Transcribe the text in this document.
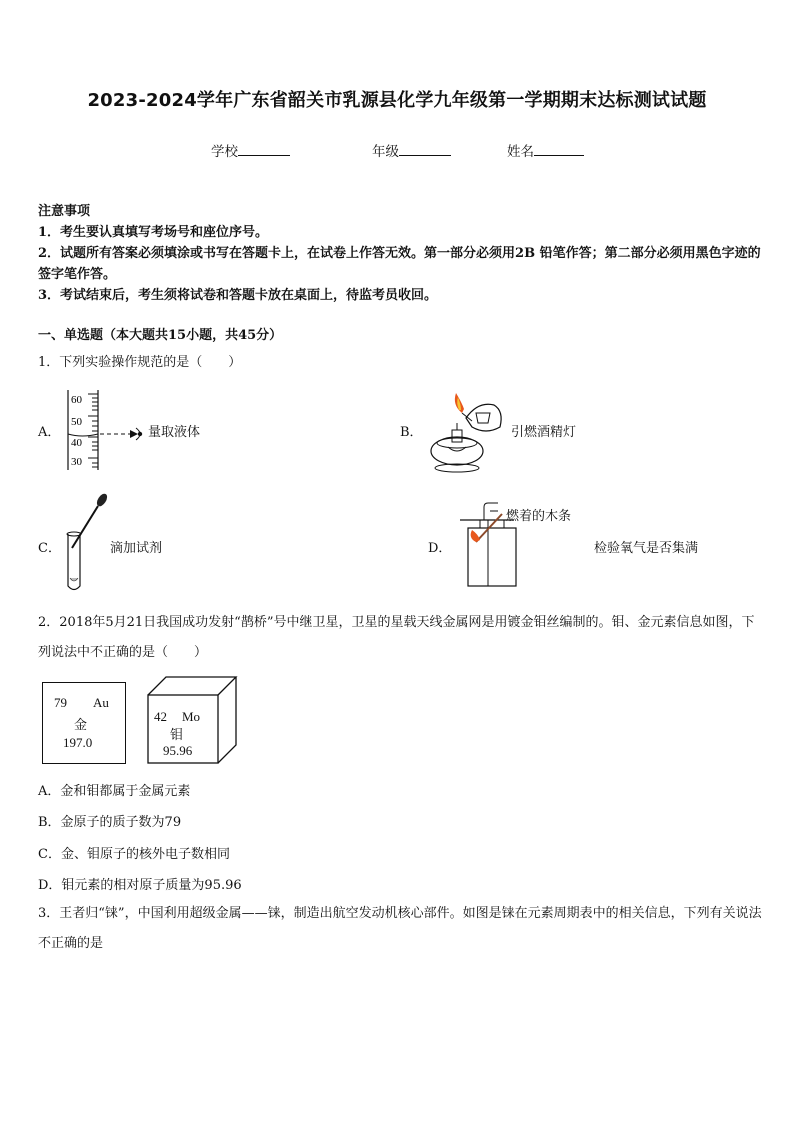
2023-2024学年广东省韶关市乳源县化学九年级第一学期期末达标测试试题
学校	年级	姓名
注意事项
1．考生要认真填写考场号和座位序号。
2．试题所有答案必须填涂或书写在答题卡上，在试卷上作答无效。第一部分必须用2B 铅笔作答；第二部分必须用黑色字迹的签字笔作答。
3．考试结束后，考生须将试卷和答题卡放在桌面上，待监考员收回。
一、单选题（本大题共15小题，共45分）
1．下列实验操作规范的是（　　）
A．
60
50
40
30
量取液体	B．	引燃酒精灯
C．	滴加试剂	D．
燃着的木条
检验氧气是否集满
2．2018年5月21日我国成功发射“鹊桥”号中继卫星，卫星的星载天线金属网是用镀金钼丝编制的。钼、金元素信息如图，下列说法中不正确的是（　　）
79 Au
金
197.0
42 Mo
钼
95.96
A．金和钼都属于金属元素
B．金原子的质子数为79
C．金、钼原子的核外电子数相同
D．钼元素的相对原子质量为95.96
3．王者归“铼”，中国利用超级金属——铼，制造出航空发动机核心部件。如图是铼在元素周期表中的相关信息，下列有关说法不正确的是
